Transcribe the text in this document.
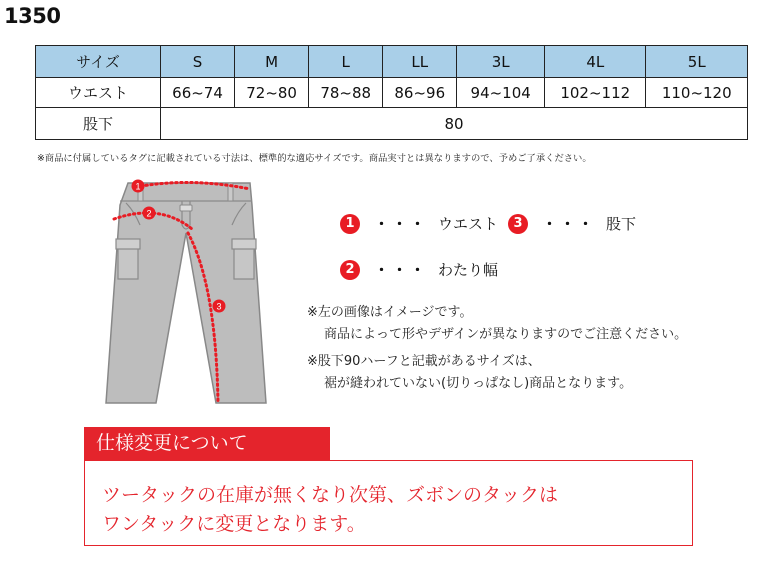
1350
サイズ	S	M	L	LL	3L	4L	5L
ウエスト	66~74	72~80	78~88	86~96	94~104	102~112	110~120
股下	80						
※商品に付属しているタグに記載されている寸法は、標準的な適応サイズです。商品実寸とは異なりますので、予めご了承ください。
1
2
3
1	・・・ ウエスト	3	・・・ 股下
2	・・・ わたり幅
※左の画像はイメージです。
商品によって形やデザインが異なりますのでご注意ください。
※股下90ハーフと記載があるサイズは、
裾が縫われていない(切りっぱなし)商品となります。
仕様変更について
ツータックの在庫が無くなり次第、ズボンのタックは
ワンタックに変更となります。
